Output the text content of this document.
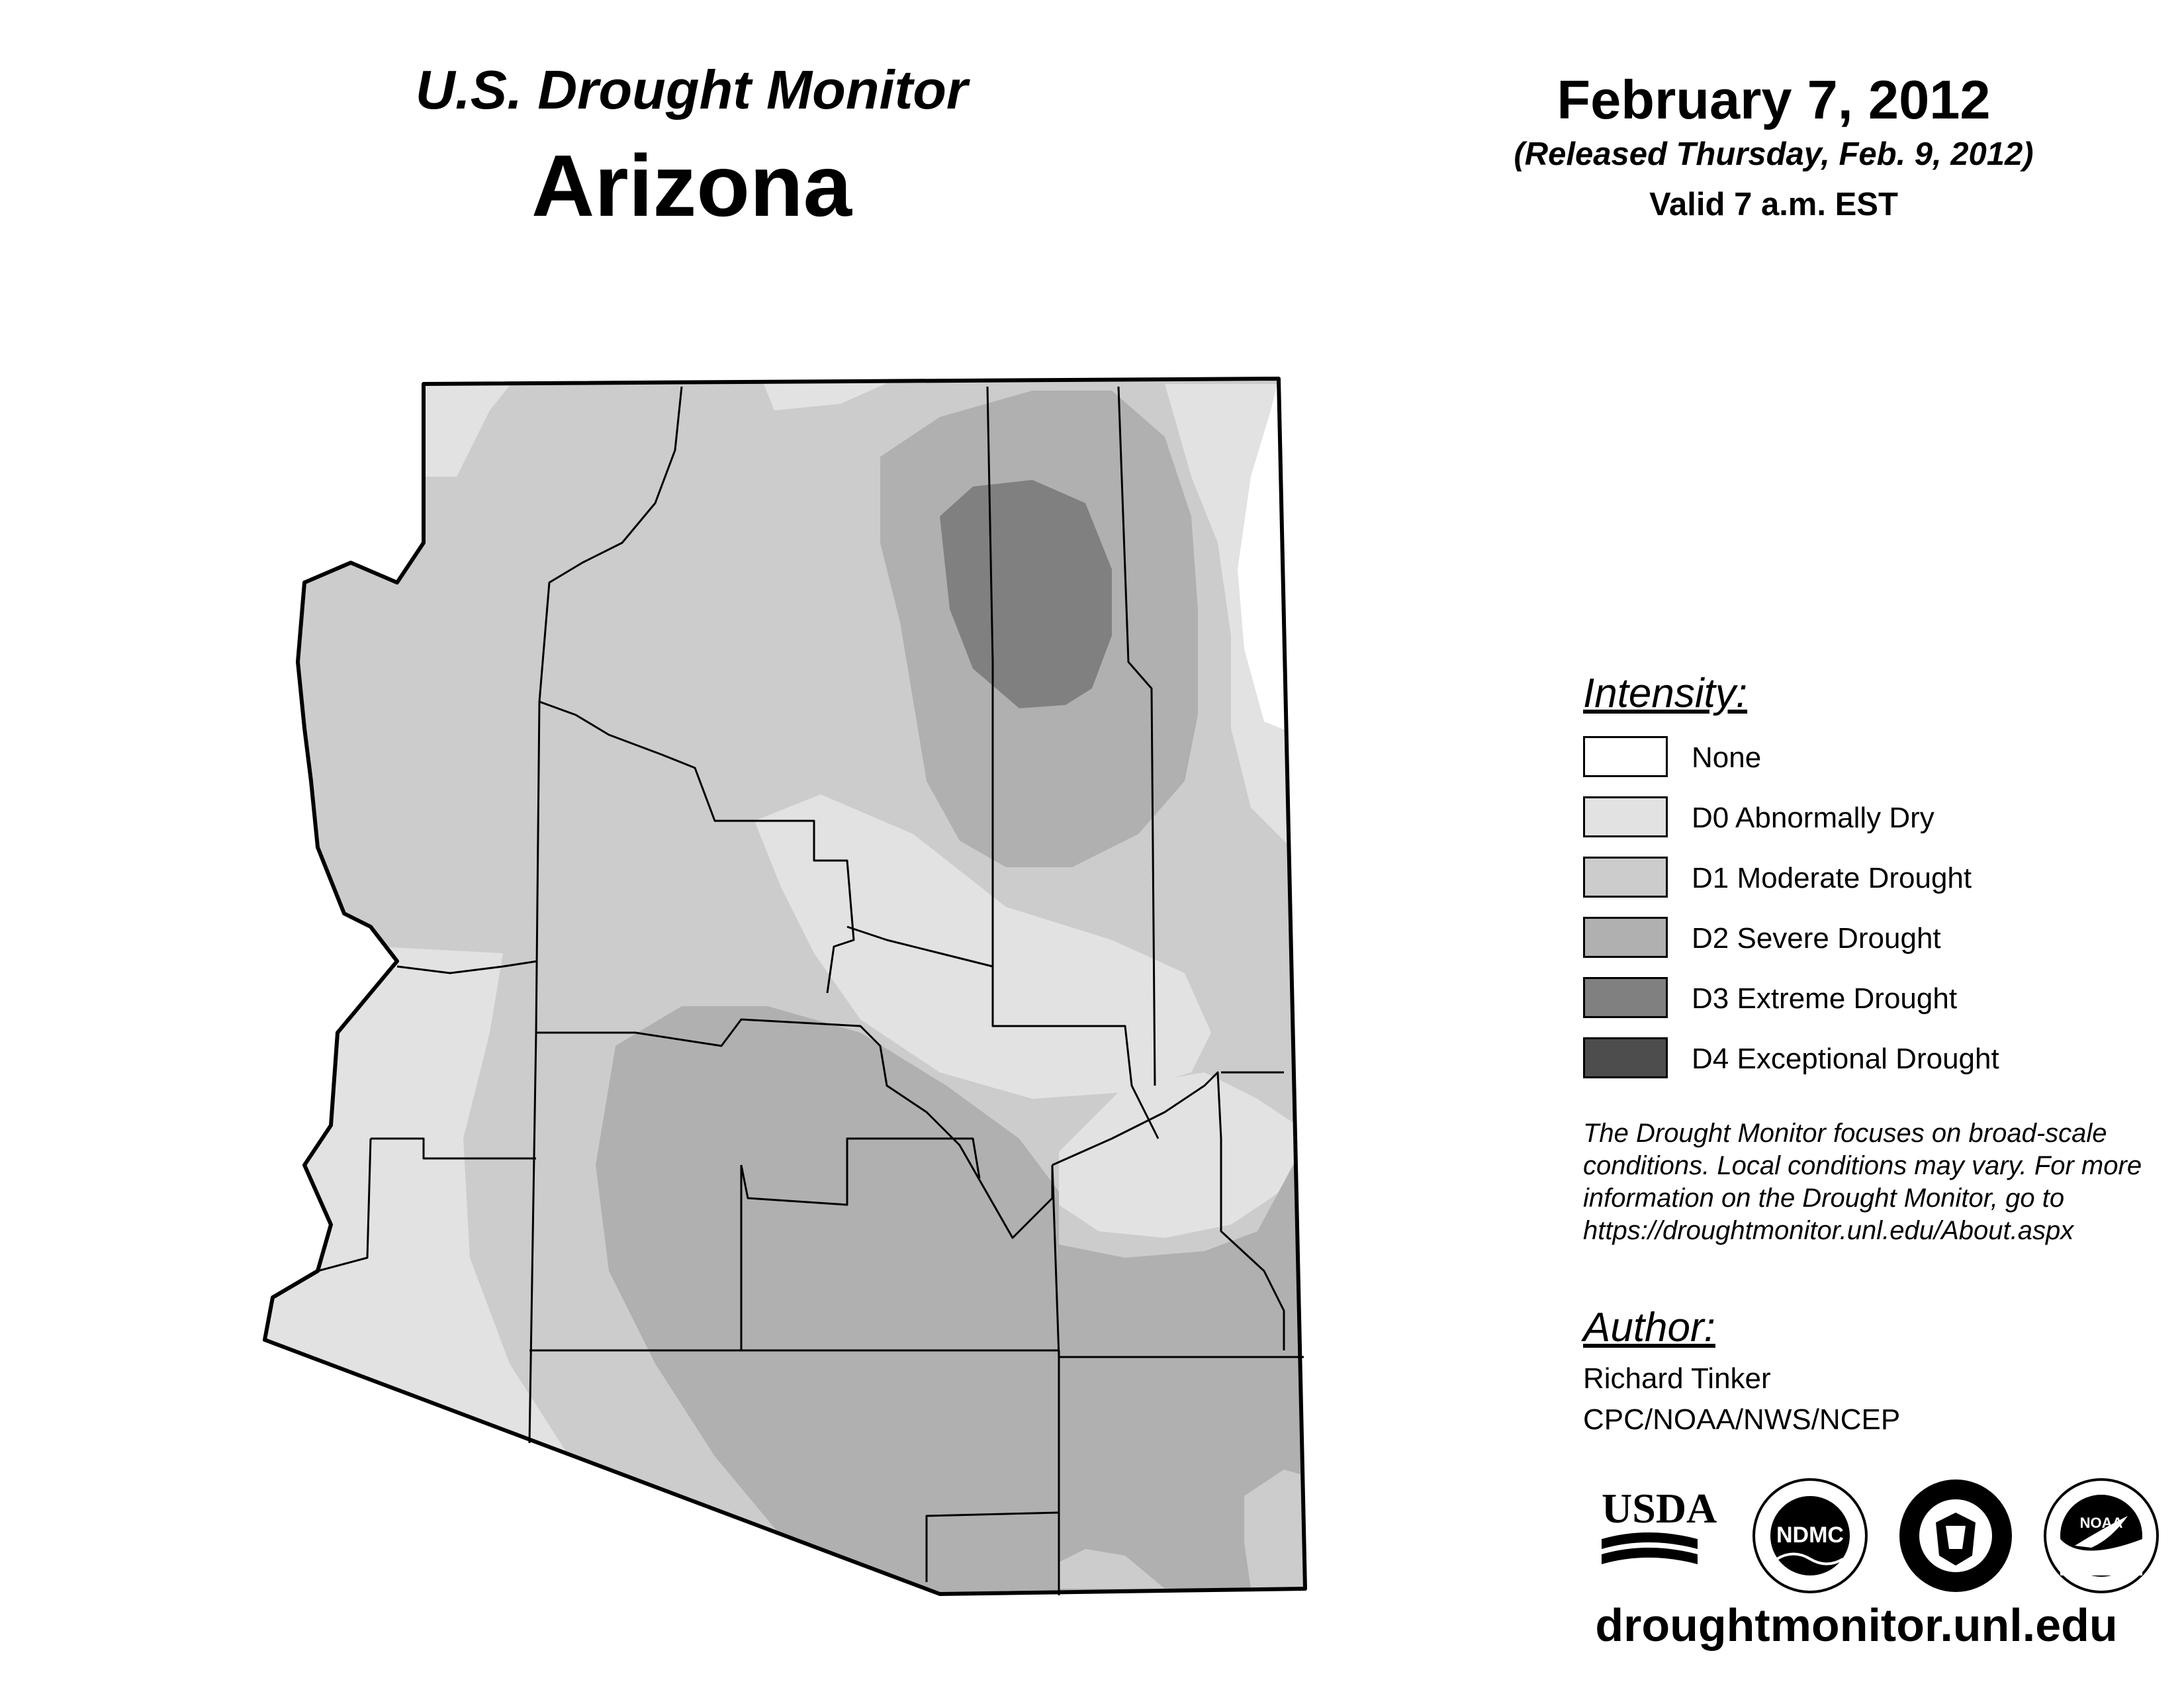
U.S. Drought Monitor
Arizona
February 7, 2012
(Released Thursday, Feb. 9, 2012)
Valid 7 a.m. EST
Intensity:
None
D0 Abnormally Dry
D1 Moderate Drought
D2 Severe Drought
D3 Extreme Drought
D4 Exceptional Drought
The Drought Monitor focuses on broad-scale conditions. Local conditions may vary. For more information on the Drought Monitor, go to https://droughtmonitor.unl.edu/About.aspx
Author:
Richard Tinker
CPC/NOAA/NWS/NCEP
USDA
NDMC	NOAA
droughtmonitor.unl.edu
